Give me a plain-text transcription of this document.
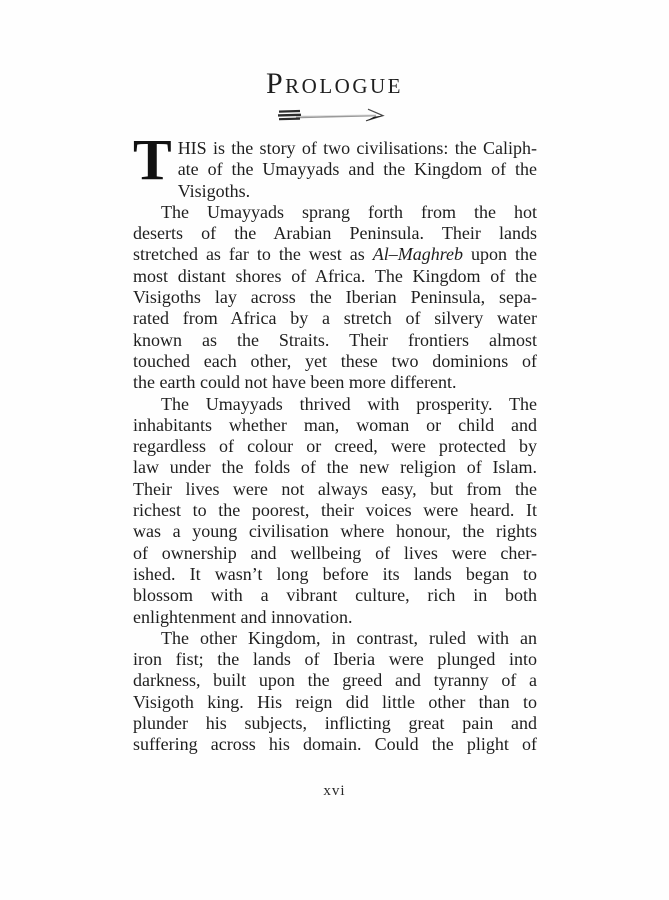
Prologue
T HIS is the story of two civilisations: the Caliph-
ate of the Umayyads and the Kingdom of the
Visigoths.
The Umayyads sprang forth from the hot
deserts of the Arabian Peninsula. Their lands
stretched as far to the west as Al–Maghreb upon the
most distant shores of Africa. The Kingdom of the
Visigoths lay across the Iberian Peninsula, sepa-
rated from Africa by a stretch of silvery water
known as the Straits. Their frontiers almost
touched each other, yet these two dominions of
the earth could not have been more different.
The Umayyads thrived with prosperity. The
inhabitants whether man, woman or child and
regardless of colour or creed, were protected by
law under the folds of the new religion of Islam.
Their lives were not always easy, but from the
richest to the poorest, their voices were heard. It
was a young civilisation where honour, the rights
of ownership and wellbeing of lives were cher-
ished. It wasn’t long before its lands began to
blossom with a vibrant culture, rich in both
enlightenment and innovation.
The other Kingdom, in contrast, ruled with an
iron fist; the lands of Iberia were plunged into
darkness, built upon the greed and tyranny of a
Visigoth king. His reign did little other than to
plunder his subjects, inflicting great pain and
suffering across his domain. Could the plight of
xvi
